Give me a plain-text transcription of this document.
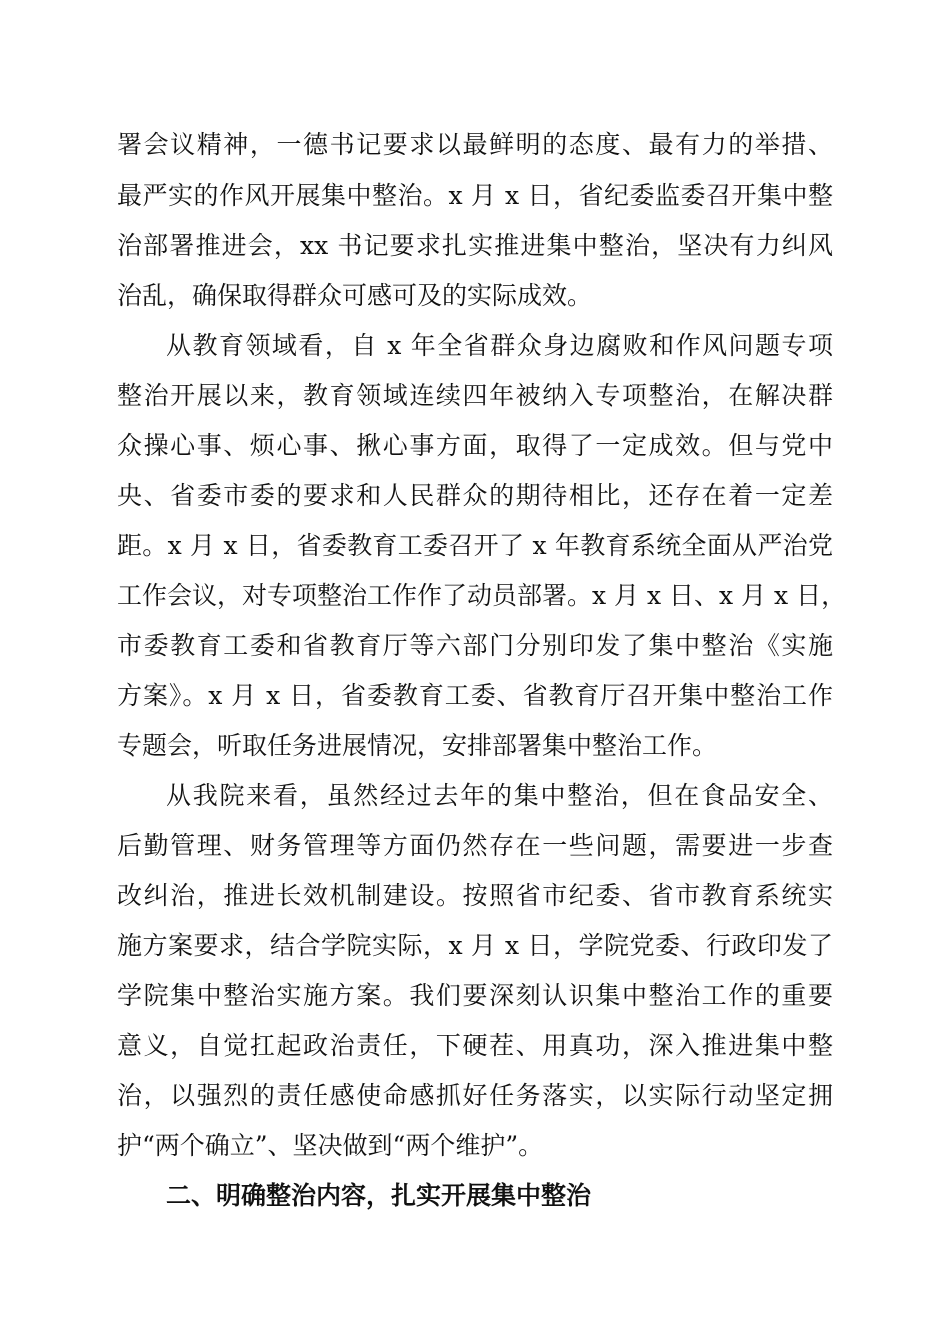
署会议精神，一德书记要求以最鲜明的态度、最有力的举措、

最严实的作风开展集中整治。x 月 x 日，省纪委监委召开集中整

治部署推进会，xx 书记要求扎实推进集中整治，坚决有力纠风

治乱，确保取得群众可感可及的实际成效。

从教育领域看，自 x 年全省群众身边腐败和作风问题专项

整治开展以来，教育领域连续四年被纳入专项整治，在解决群

众操心事、烦心事、揪心事方面，取得了一定成效。但与党中

央、省委市委的要求和人民群众的期待相比，还存在着一定差

距。x 月 x 日，省委教育工委召开了 x 年教育系统全面从严治党

工作会议，对专项整治工作作了动员部署。x 月 x 日、x 月 x 日，

市委教育工委和省教育厅等六部门分别印发了集中整治《实施

方案》。x 月 x 日，省委教育工委、省教育厅召开集中整治工作

专题会，听取任务进展情况，安排部署集中整治工作。

从我院来看，虽然经过去年的集中整治，但在食品安全、

后勤管理、财务管理等方面仍然存在一些问题，需要进一步查

改纠治，推进长效机制建设。按照省市纪委、省市教育系统实

施方案要求，结合学院实际，x 月 x 日，学院党委、行政印发了

学院集中整治实施方案。我们要深刻认识集中整治工作的重要

意义，自觉扛起政治责任，下硬茬、用真功，深入推进集中整

治，以强烈的责任感使命感抓好任务落实，以实际行动坚定拥

护“两个确立”、坚决做到“两个维护”。

二、明确整治内容，扎实开展集中整治
